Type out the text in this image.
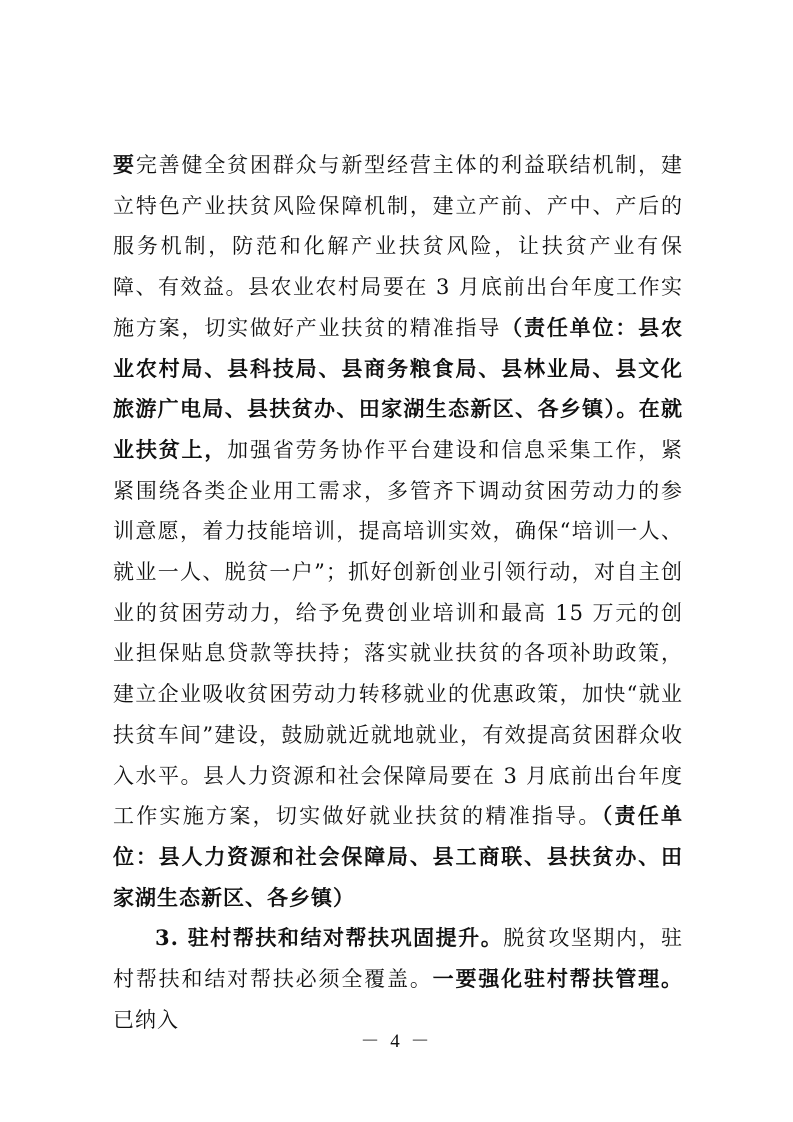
要完善健全贫困群众与新型经营主体的利益联结机制，建立特色产业扶贫风险保障机制，建立产前、产中、产后的服务机制，防范和化解产业扶贫风险，让扶贫产业有保障、有效益。县农业农村局要在 3 月底前出台年度工作实施方案，切实做好产业扶贫的精准指导（责任单位：县农业农村局、县科技局、县商务粮食局、县林业局、县文化旅游广电局、县扶贫办、田家湖生态新区、各乡镇）。在就业扶贫上，加强省劳务协作平台建设和信息采集工作，紧紧围绕各类企业用工需求，多管齐下调动贫困劳动力的参训意愿，着力技能培训，提高培训实效，确保“培训一人、就业一人、脱贫一户”；抓好创新创业引领行动，对自主创业的贫困劳动力，给予免费创业培训和最高 15 万元的创业担保贴息贷款等扶持；落实就业扶贫的各项补助政策，建立企业吸收贫困劳动力转移就业的优惠政策，加快“就业扶贫车间”建设，鼓励就近就地就业，有效提高贫困群众收入水平。县人力资源和社会保障局要在 3 月底前出台年度工作实施方案，切实做好就业扶贫的精准指导。（责任单位：县人力资源和社会保障局、县工商联、县扶贫办、田家湖生态新区、各乡镇）

3. 驻村帮扶和结对帮扶巩固提升。脱贫攻坚期内，驻村帮扶和结对帮扶必须全覆盖。一要强化驻村帮扶管理。已纳入

－ 4 －
